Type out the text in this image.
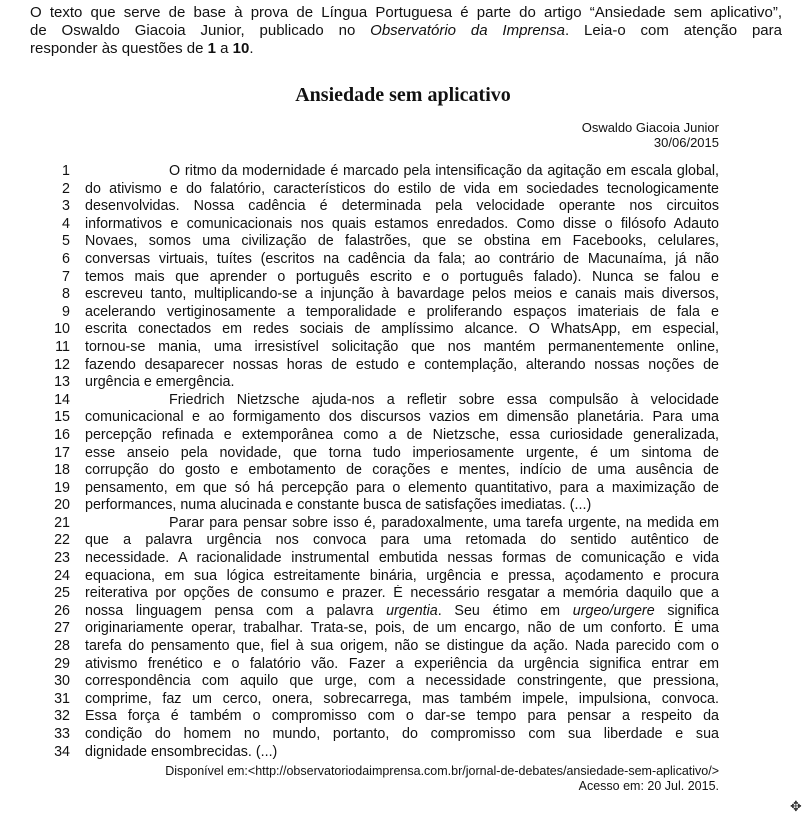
O texto que serve de base à prova de Língua Portuguesa é parte do artigo “Ansiedade sem aplicativo”,

de Oswaldo Giacoia Junior, publicado no Observatório da Imprensa. Leia-o com atenção para

responder às questões de 1 a 10.

Ansiedade sem aplicativo
Oswaldo Giacoia Junior
30/06/2015
1	O ritmo da modernidade é marcado pela intensificação da agitação em escala global,
2 do ativismo e do falatório, característicos do estilo de vida em sociedades tecnologicamente
3 desenvolvidas. Nossa cadência é determinada pela velocidade operante nos circuitos
4 informativos e comunicacionais nos quais estamos enredados. Como disse o filósofo Adauto
5 Novaes, somos uma civilização de falastrões, que se obstina em Facebooks, celulares,
6 conversas virtuais, tuítes (escritos na cadência da fala; ao contrário de Macunaíma, já não
7 temos mais que aprender o português escrito e o português falado). Nunca se falou e
8 escreveu tanto, multiplicando-se a injunção à bavardage pelos meios e canais mais diversos,
9 acelerando vertiginosamente a temporalidade e proliferando espaços imateriais de fala e
10 escrita conectados em redes sociais de amplíssimo alcance. O WhatsApp, em especial,
11 tornou-se mania, uma irresistível solicitação que nos mantém permanentemente online,
12 fazendo desaparecer nossas horas de estudo e contemplação, alterando nossas noções de
13 urgência e emergência.
14	Friedrich Nietzsche ajuda-nos a refletir sobre essa compulsão à velocidade
15 comunicacional e ao formigamento dos discursos vazios em dimensão planetária. Para uma
16 percepção refinada e extemporânea como a de Nietzsche, essa curiosidade generalizada,
17 esse anseio pela novidade, que torna tudo imperiosamente urgente, é um sintoma de
18 corrupção do gosto e embotamento de corações e mentes, indício de uma ausência de
19 pensamento, em que só há percepção para o elemento quantitativo, para a maximização de
20 performances, numa alucinada e constante busca de satisfações imediatas. (...)
21	Parar para pensar sobre isso é, paradoxalmente, uma tarefa urgente, na medida em
22 que a palavra urgência nos convoca para uma retomada do sentido autêntico de
23 necessidade. A racionalidade instrumental embutida nessas formas de comunicação e vida
24 equaciona, em sua lógica estreitamente binária, urgência e pressa, açodamento e procura
25 reiterativa por opções de consumo e prazer. É necessário resgatar a memória daquilo que a
26 nossa linguagem pensa com a palavra urgentia. Seu étimo em urgeo/urgere significa
27 originariamente operar, trabalhar. Trata-se, pois, de um encargo, não de um conforto. É uma
28 tarefa do pensamento que, fiel à sua origem, não se distingue da ação. Nada parecido com o
29 ativismo frenético e o falatório vão. Fazer a experiência da urgência significa entrar em
30 correspondência com aquilo que urge, com a necessidade constringente, que pressiona,
31 comprime, faz um cerco, onera, sobrecarrega, mas também impele, impulsiona, convoca.
32 Essa força é também o compromisso com o dar-se tempo para pensar a respeito da
33 condição do homem no mundo, portanto, do compromisso com sua liberdade e sua
34 dignidade ensombrecidas. (...)
Disponível em:<http://observatoriodaimprensa.com.br/jornal-de-debates/ansiedade-sem-aplicativo/>
Acesso em: 20 Jul. 2015.
✥
